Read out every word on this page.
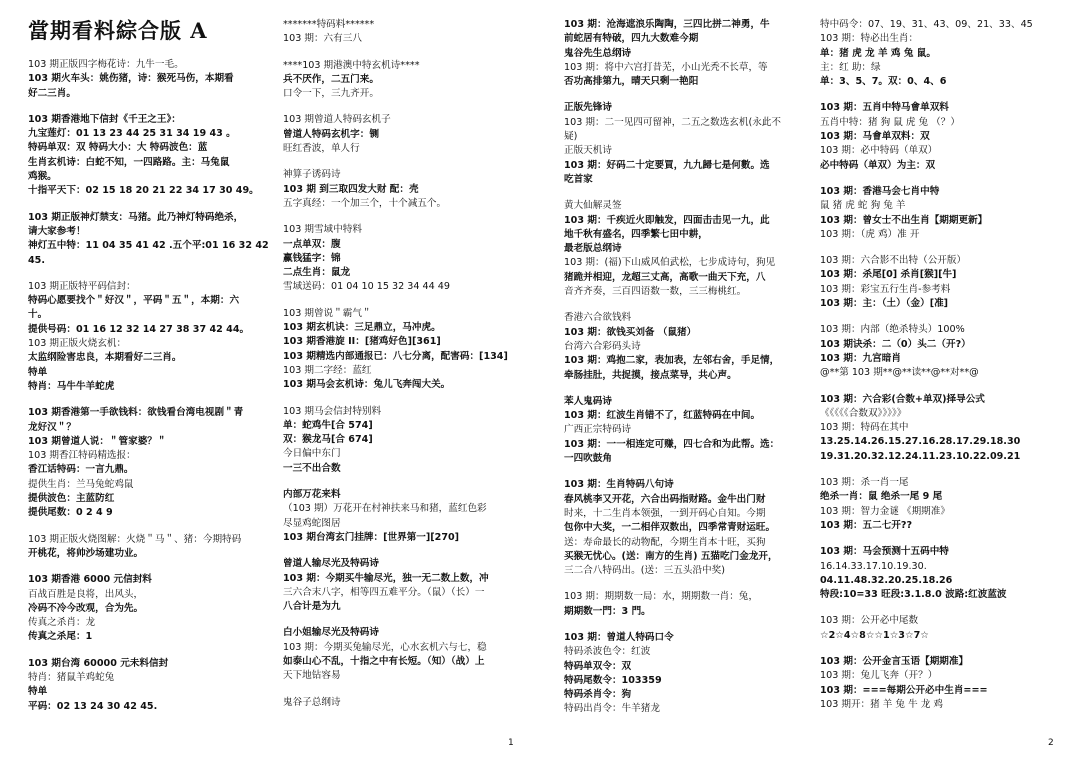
當期看料綜合版 A
103 期正版四字梅花诗：九牛一毛。
103 期火车头：姚伤猪，诗：猴死马伤，本期看
好二三肖。
103 期香港地下信封《千王之王》：
九宝莲灯：01 13 23 44 25 31 34 19 43 。
特码单双：双 特码大小：大 特码波色：蓝
生肖玄机诗：白蛇不知，一四路路。主：马兔鼠
鸡猴。
十指平天下：02 15 18 20 21 22 34 17 30 49。
103 期正版神灯禁支：马猪。此乃神灯特码绝杀，
请大家参考！
神灯五中特：11 04 35 41 42 .五个平:01 16 32 42
45.
103 期正版特平码信封：
特码心愿要找个＂好汉＂，平码＂五＂，本期：六
十。
提供号码：01 16 12 32 14 27 38 37 42 44。
103 期正版火烧玄机：
太监纲险害忠良，本期看好二三肖。
特单
特肖：马牛牛羊蛇虎
103 期香港第一手欲钱料：欲钱看台湾电视剧＂青
龙好汉＂？
103 期曾道人说：＂管家婆？＂
103 期香江特码精选报：
香江话特码：一言九鼎。
提供生肖：兰马兔蛇鸡鼠
提供波色：主蓝防红
提供尾数：0 2 4 9
103 期正版火烧图解：火烧＂马＂、猪：今期特码
开桃花，将帅沙场建功业。
103 期香港 6000 元信封料
百战百胜是良将，出风头，
冷码不冷今改观，合为先。
传真之杀肖：龙
传真之杀尾：1
103 期台湾 60000 元未料信封
特肖：猪鼠羊鸡蛇兔
特单
平码：02 13 24 30 42 45.
*******特码料******
103 期：六有三八
****103 期港澳中特玄机诗****
兵不厌作，二五门来。
口令一下，三九齐开。
103 期曾道人特码玄机子
曾道人特码玄机字：铡
旺红香波，单人行
神算子诱码诗
103 期 到三取四发大财 配：壳
五字真经：一个加三个，十个减五个。
103 期雪域中特料
一点单双：腹
赢钱猛字：锦
二点生肖：鼠龙
雪域送码：01 04 10 15 32 34 44 49
103 期曾说＂霸气＂
103 期玄机诀：三足鼎立，马冲虎。
103 期香港旋 II：[猪鸡好色][361]
103 期精选内部通报已：八七分离，配害码：[134]
103 期二字经：蓝红
103 期马会玄机诗：兔儿飞奔闯大关。
103 期马会信封特别料
单：蛇鸡牛[合 574]
双：猴龙马[合 674]
今日偏中东门
一三不出合数
内部万花来料
（103 期）万花开在村神扶来马和猪，蓝红色彩
尽显鸡蛇图居
103 期台湾玄门挂牌：[世界第一][270]
曾道人输尽光及特码诗
103 期：今期买牛输尽光，独一无二数上数，冲
三六合末八字，相等四五难平分。（鼠）（长）一
八合计是为九
白小姐输尽光及特码诗
103 期：今期买兔输尽光，心水玄机六与七，稳
如泰山心不乱，十指之中有长短。（知）（战）上
天下地钻容易
鬼谷子总纲诗
1
103 期：沧海遮浪乐陶陶，三四比拼二神勇，牛
前蛇居有特破，四九大数难今期
鬼谷先生总纲诗
103 期：将中六宫打昔芜，小山光秃不长草，等
否功高排第九，晴天只剩一艳阳
正版先锋诗
103 期：二一见四可留神，二五之数选玄机(永此不
疑)
正版天机诗
103 期：好码二十定要買，九九歸七是何數。选
吃首家
黄大仙解灵签
103 期：千疾近火即触发，四面击击见一九，此
地千秋有盛名，四季繁七田中耕，
最老版总纲诗
103 期：(福)下山威风伯武松，七步成诗句，狗见
猪跪并相迎，龙超三丈高，高歌一曲天下充，八
音齐齐奏，三百四语数一数，三三梅桃红。
香港六合欲钱料
103 期：欲钱买刘备 （鼠猪）
台湾六合彩码头诗
103 期：鸡抱二家，表加表，左邻右舍，手足情，
牵肠挂肚，共捉摸，接点菜导，共心声。
苯人鬼码诗
103 期：红波生肖错不了，红蓝特码在中间。
广西正宗特码诗
103 期：一一相连定可赚，四七合和为此帮。选：
一四吹鼓角
103 期：生肖特码八句诗
春风桃李又开花，六合出码指财路。金牛出门财
时来，十二生肖本领强，一到开码心自知。今期
包你中大奖，一二相伴双数出，四季常青财运旺。
送：寿命最长的动物配，今期生肖本十旺，买狗
买猴无忧心。(送：南方的生肖) 五猫吃门金龙开，
三二合八特码出。(送：三五头沿中奖)
103 期：期期数一局：水，期期数一肖：兔，
期期数一門：3 門。
103 期：曾道人特码口令
特码杀波色令：红波
特码单双令：双
特码尾数令：103359
特码杀肖令：狗
特码出肖令：牛羊猪龙
特中码令：07、19、31、43、09、21、33、45
103 期：特必出生肖：
单：猪 虎 龙 羊 鸡 兔 鼠。
主：红 助：绿
单：3、5、7。双：0、4、6
103 期：五肖中特马會单双料
五肖中特：猪 狗 鼠 虎 兔 （？）
103 期：马會单双料：双
103 期：必中特码（单双）
必中特码（单双）为主：双
103 期：香港马会七肖中特
鼠 猪 虎 蛇 狗 兔 羊
103 期：曾女士不出生肖【期期更新】
103 期：（虎 鸡）准 开
103 期：六合影不出特（公开版）
103 期：杀尾[0] 杀肖[猴][牛]
103 期：彩宝五行生肖-参考料
103 期：主：（土）（金）[准]
103 期：内部（绝杀特头）100%
103 期诀杀：二（0）头二（开?）
103 期：九宫暗肖
@**第 103 期**@**读**@**对**@
103 期：六合彩(合数+单双)择导公式
《《《《《合数双》》》》》
103 期：特码在其中
13.25.14.26.15.27.16.28.17.29.18.30
19.31.20.32.12.24.11.23.10.22.09.21
103 期：杀一肖一尾
绝杀一肖：鼠 绝杀一尾 9 尾
103 期：智力金谜 《期期准》
103 期：五二七开??
103 期：马会预测十五码中特
16.14.33.17.10.19.30.
04.11.48.32.20.25.18.26
特段:10=33 旺段:3.1.8.0 波路:红波蓝波
103 期：公开必中尾数
☆2☆4☆8☆☆1☆3☆7☆
103 期：公开金言玉语【期期准】
103 期：兔儿飞奔（开？）
103 期：===每期公开必中生肖===
103 期开：猪 羊 兔 牛 龙 鸡
2
